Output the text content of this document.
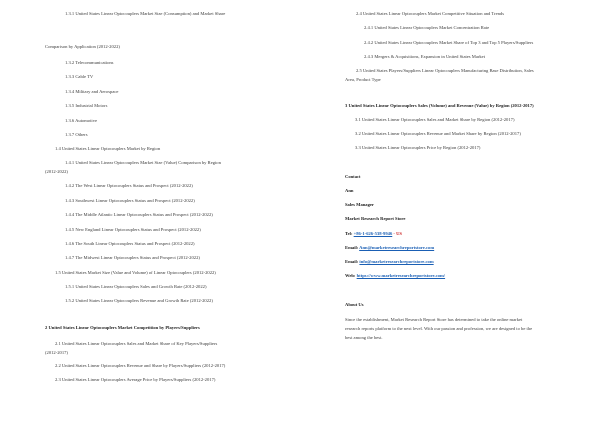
1.3.1 United States Linear Optocouplers Market Size (Consumption) and Market Share
Comparison by Application (2012-2022)
1.3.2 Telecommunications
1.3.3 Cable TV
1.3.4 Military and Aerospace
1.3.5 Industrial Motors
1.3.6 Automotive
1.3.7 Others
1.4 United States Linear Optocouplers Market by Region
1.4.1 United States Linear Optocouplers Market Size (Value) Comparison by Region
(2012-2022)
1.4.2 The West Linear Optocouplers Status and Prospect (2012-2022)
1.4.3 Southwest Linear Optocouplers Status and Prospect (2012-2022)
1.4.4 The Middle Atlantic Linear Optocouplers Status and Prospect (2012-2022)
1.4.5 New England Linear Optocouplers Status and Prospect (2012-2022)
1.4.6 The South Linear Optocouplers Status and Prospect (2012-2022)
1.4.7 The Midwest Linear Optocouplers Status and Prospect (2012-2022)
1.5 United States Market Size (Value and Volume) of Linear Optocouplers (2012-2022)
1.5.1 United States Linear Optocouplers Sales and Growth Rate (2012-2022)
1.5.2 United States Linear Optocouplers Revenue and Growth Rate (2012-2022)
2 United States Linear Optocouplers Market Competition by Players/Suppliers
2.1 United States Linear Optocouplers Sales and Market Share of Key Players/Suppliers
(2012-2017)
2.2 United States Linear Optocouplers Revenue and Share by Players/Suppliers (2012-2017)
2.3 United States Linear Optocouplers Average Price by Players/Suppliers (2012-2017)
2.4 United States Linear Optocouplers Market Competitive Situation and Trends
2.4.1 United States Linear Optocouplers Market Concentration Rate
2.4.2 United States Linear Optocouplers Market Share of Top 3 and Top 5 Players/Suppliers
2.4.3 Mergers & Acquisitions, Expansion in United States Market
2.5 United States Players/Suppliers Linear Optocouplers Manufacturing Base Distribution, Sales
Area, Product Type
3 United States Linear Optocouplers Sales (Volume) and Revenue (Value) by Region (2012-2017)
3.1 United States Linear Optocouplers Sales and Market Share by Region (2012-2017)
3.2 United States Linear Optocouplers Revenue and Market Share by Region (2012-2017)
3.3 United States Linear Optocouplers Price by Region (2012-2017)
Contact
Ann
Sales Manager
Market Research Report Store
Tel: +86-1-626-538-9946 - US
Email: Ann@marketresearchreportstore.com
Email: info@marketresearchreportstore.com
Web: https://www.marketresearchreportstore.com/
About Us
Since the establishment, Market Research Report Store has determined to take the online market
research reports platform to the next level. With our passion and profession, we are designed to be the
best among the best.
